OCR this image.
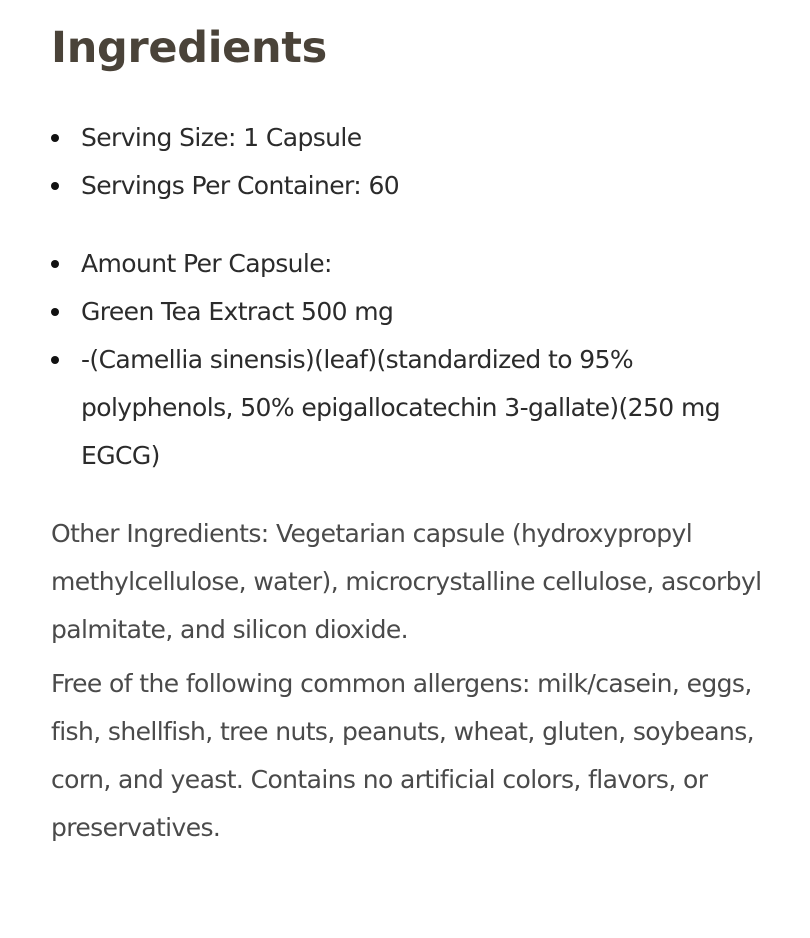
Ingredients
Serving Size: 1 Capsule
Servings Per Container: 60
Amount Per Capsule:
Green Tea Extract 500 mg
-(Camellia sinensis)(leaf)(standardized to 95% polyphenols, 50% epigallocatechin 3-gallate)(250 mg EGCG)

Other Ingredients: Vegetarian capsule (hydroxypropyl methylcellulose, water), microcrystalline cellulose, ascorbyl palmitate, and silicon dioxide.

Free of the following common allergens: milk/casein, eggs, fish, shellfish, tree nuts, peanuts, wheat, gluten, soybeans, corn, and yeast. Contains no artificial colors, flavors, or preservatives.
